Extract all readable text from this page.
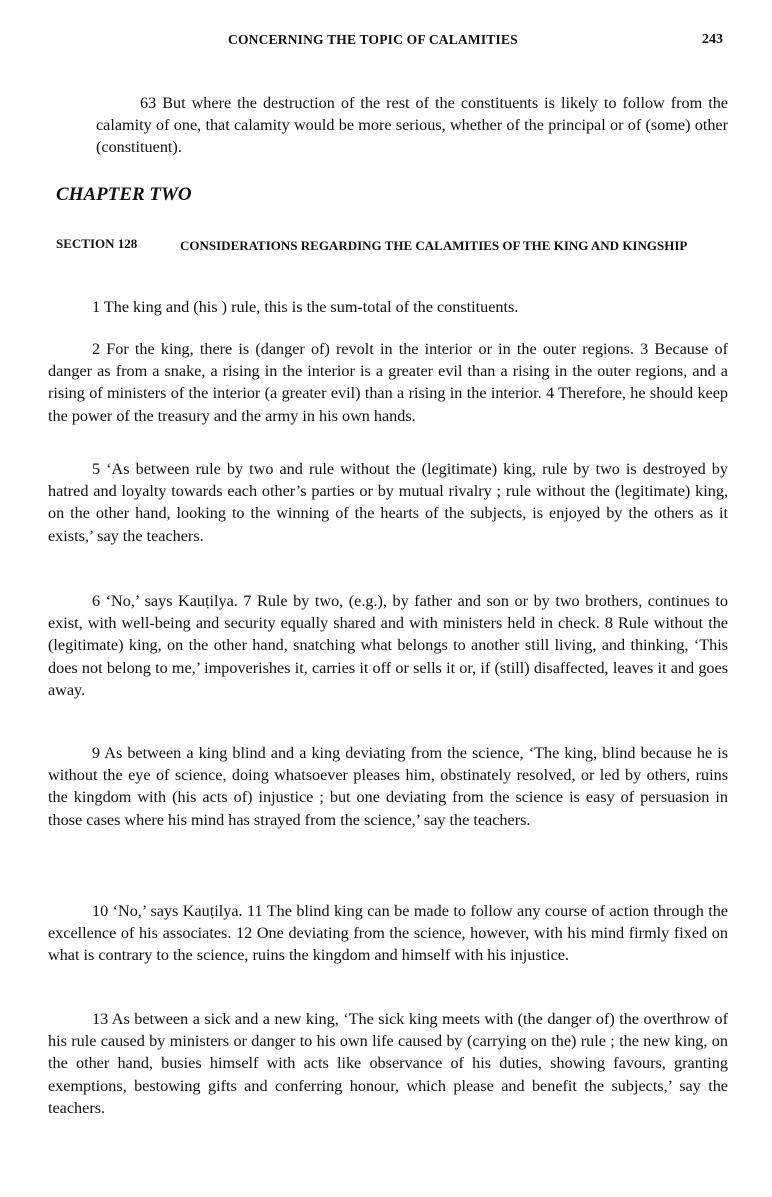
CONCERNING THE TOPIC OF CALAMITIES	243

63 But where the destruction of the rest of the constituents is likely to follow from the calamity of one, that calamity would be more serious, whether of the principal or of (some) other (constituent).

CHAPTER TWO
SECTION 128	CONSIDERATIONS REGARDING THE CALAMITIES OF THE KING AND KINGSHIP

1 The king and (his ) rule, this is the sum-total of the constituents.

2 For the king, there is (danger of) revolt in the interior or in the outer regions. 3 Because of danger as from a snake, a rising in the interior is a greater evil than a rising in the outer regions, and a rising of ministers of the interior (a greater evil) than a rising in the interior. 4 Therefore, he should keep the power of the treasury and the army in his own hands.

5 ‘As between rule by two and rule without the (legitimate) king, rule by two is destroyed by hatred and loyalty towards each other’s parties or by mutual rivalry ; rule without the (legitimate) king, on the other hand, looking to the winning of the hearts of the subjects, is enjoyed by the others as it exists,’ say the teachers.

6 ‘No,’ says Kauṭilya. 7 Rule by two, (e.g.), by father and son or by two brothers, continues to exist, with well-being and security equally shared and with ministers held in check. 8 Rule without the (legitimate) king, on the other hand, snatching what belongs to another still living, and thinking, ‘This does not belong to me,’ impoverishes it, carries it off or sells it or, if (still) disaffected, leaves it and goes away.

9 As between a king blind and a king deviating from the science, ‘The king, blind because he is without the eye of science, doing whatsoever pleases him, obstinately resolved, or led by others, ruins the kingdom with (his acts of) injustice ; but one deviating from the science is easy of persuasion in those cases where his mind has strayed from the science,’ say the teachers.

10 ‘No,’ says Kauṭilya. 11 The blind king can be made to follow any course of action through the excellence of his associates. 12 One deviating from the science, however, with his mind firmly fixed on what is contrary to the science, ruins the kingdom and himself with his injustice.

13 As between a sick and a new king, ‘The sick king meets with (the danger of) the overthrow of his rule caused by ministers or danger to his own life caused by (carrying on the) rule ; the new king, on the other hand, busies himself with acts like observance of his duties, showing favours, granting exemptions, bestowing gifts and conferring honour, which please and benefit the subjects,’ say the teachers.
